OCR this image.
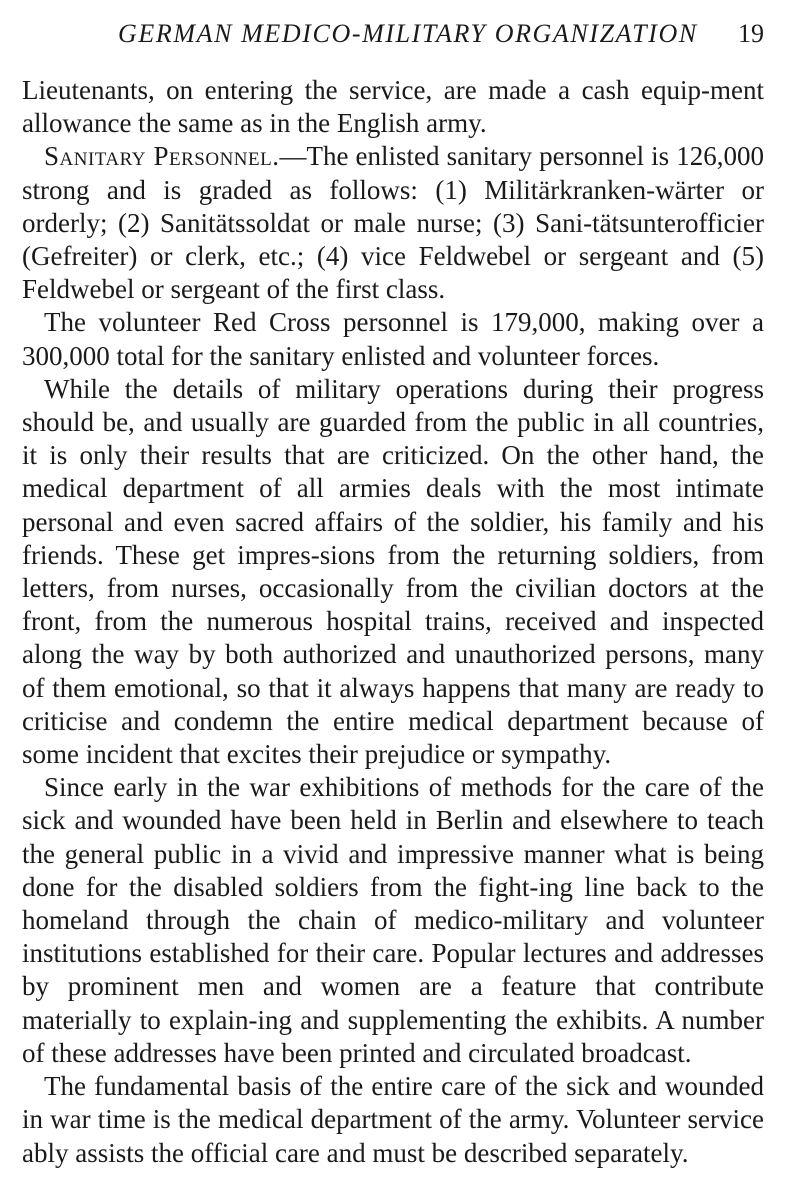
GERMAN MEDICO-MILITARY ORGANIZATION 19

Lieutenants, on entering the service, are made a cash equip-ment allowance the same as in the English army.

Sanitary Personnel.—The enlisted sanitary personnel is 126,000 strong and is graded as follows: (1) Militärkranken-wärter or orderly; (2) Sanitätssoldat or male nurse; (3) Sani-tätsunterofficier (Gefreiter) or clerk, etc.; (4) vice Feldwebel or sergeant and (5) Feldwebel or sergeant of the first class.

The volunteer Red Cross personnel is 179,000, making over a 300,000 total for the sanitary enlisted and volunteer forces.

While the details of military operations during their progress should be, and usually are guarded from the public in all countries, it is only their results that are criticized. On the other hand, the medical department of all armies deals with the most intimate personal and even sacred affairs of the soldier, his family and his friends. These get impres-sions from the returning soldiers, from letters, from nurses, occasionally from the civilian doctors at the front, from the numerous hospital trains, received and inspected along the way by both authorized and unauthorized persons, many of them emotional, so that it always happens that many are ready to criticise and condemn the entire medical department because of some incident that excites their prejudice or sympathy.

Since early in the war exhibitions of methods for the care of the sick and wounded have been held in Berlin and elsewhere to teach the general public in a vivid and impressive manner what is being done for the disabled soldiers from the fight-ing line back to the homeland through the chain of medico-military and volunteer institutions established for their care. Popular lectures and addresses by prominent men and women are a feature that contribute materially to explain-ing and supplementing the exhibits. A number of these addresses have been printed and circulated broadcast.

The fundamental basis of the entire care of the sick and wounded in war time is the medical department of the army. Volunteer service ably assists the official care and must be described separately.
